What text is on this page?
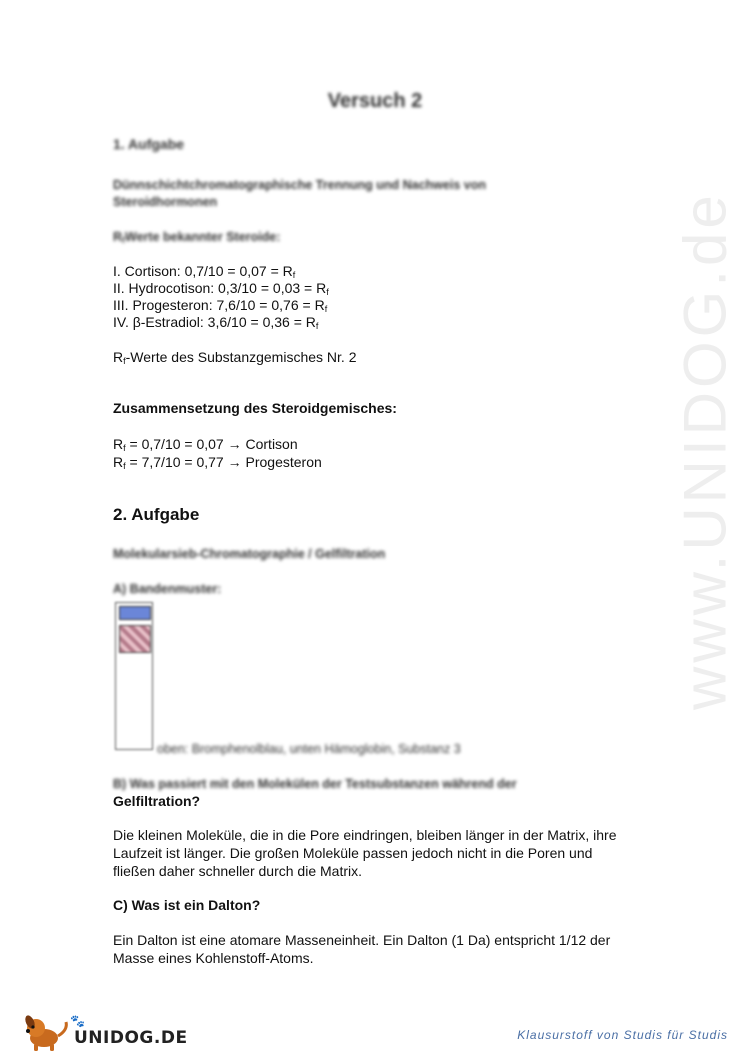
www.UNIDOG.de
Versuch 2
1. Aufgabe
Dünnschichtchromatographische Trennung und Nachweis von
Steroidhormonen
$R_fWerte$ bekannter Steroide:
I. Cortison: $0,7/10 = 0,07 = R_f$
II. Hydrocotison: $0,3/10 = 0,03 = R_f$
III. Progesteron: $7,6/10 = 0,76 = R_f$
IV. β-Estradiol: $3,6/10 = 0,36 = R_f$
$R_f$-Werte des Substanzgemisches Nr. 2
Zusammensetzung des Steroidgemisches:
$R_f = 0,7/10 = 0,07$ → Cortison
$R_f = 7,7/10 = 0,77$ → Progesteron
2. Aufgabe
Molekularsieb-Chromatographie / Gelfiltration
A) Bandenmuster:
oben: Bromphenolblau, unten Hämoglobin, Substanz 3
B) Was passiert mit den Molekülen der Testsubstanzen während der
Gelfiltration?
Die kleinen Moleküle, die in die Pore eindringen, bleiben länger in der Matrix, ihre
Laufzeit ist länger. Die großen Moleküle passen jedoch nicht in die Poren und
fließen daher schneller durch die Matrix.
C) Was ist ein Dalton?
Ein Dalton ist eine atomare Masseneinheit. Ein Dalton (1 Da) entspricht 1/12 der
Masse eines Kohlenstoff-Atoms.
🐾
UNIDOG.DE	Klausurstoff von Studis für Studis
